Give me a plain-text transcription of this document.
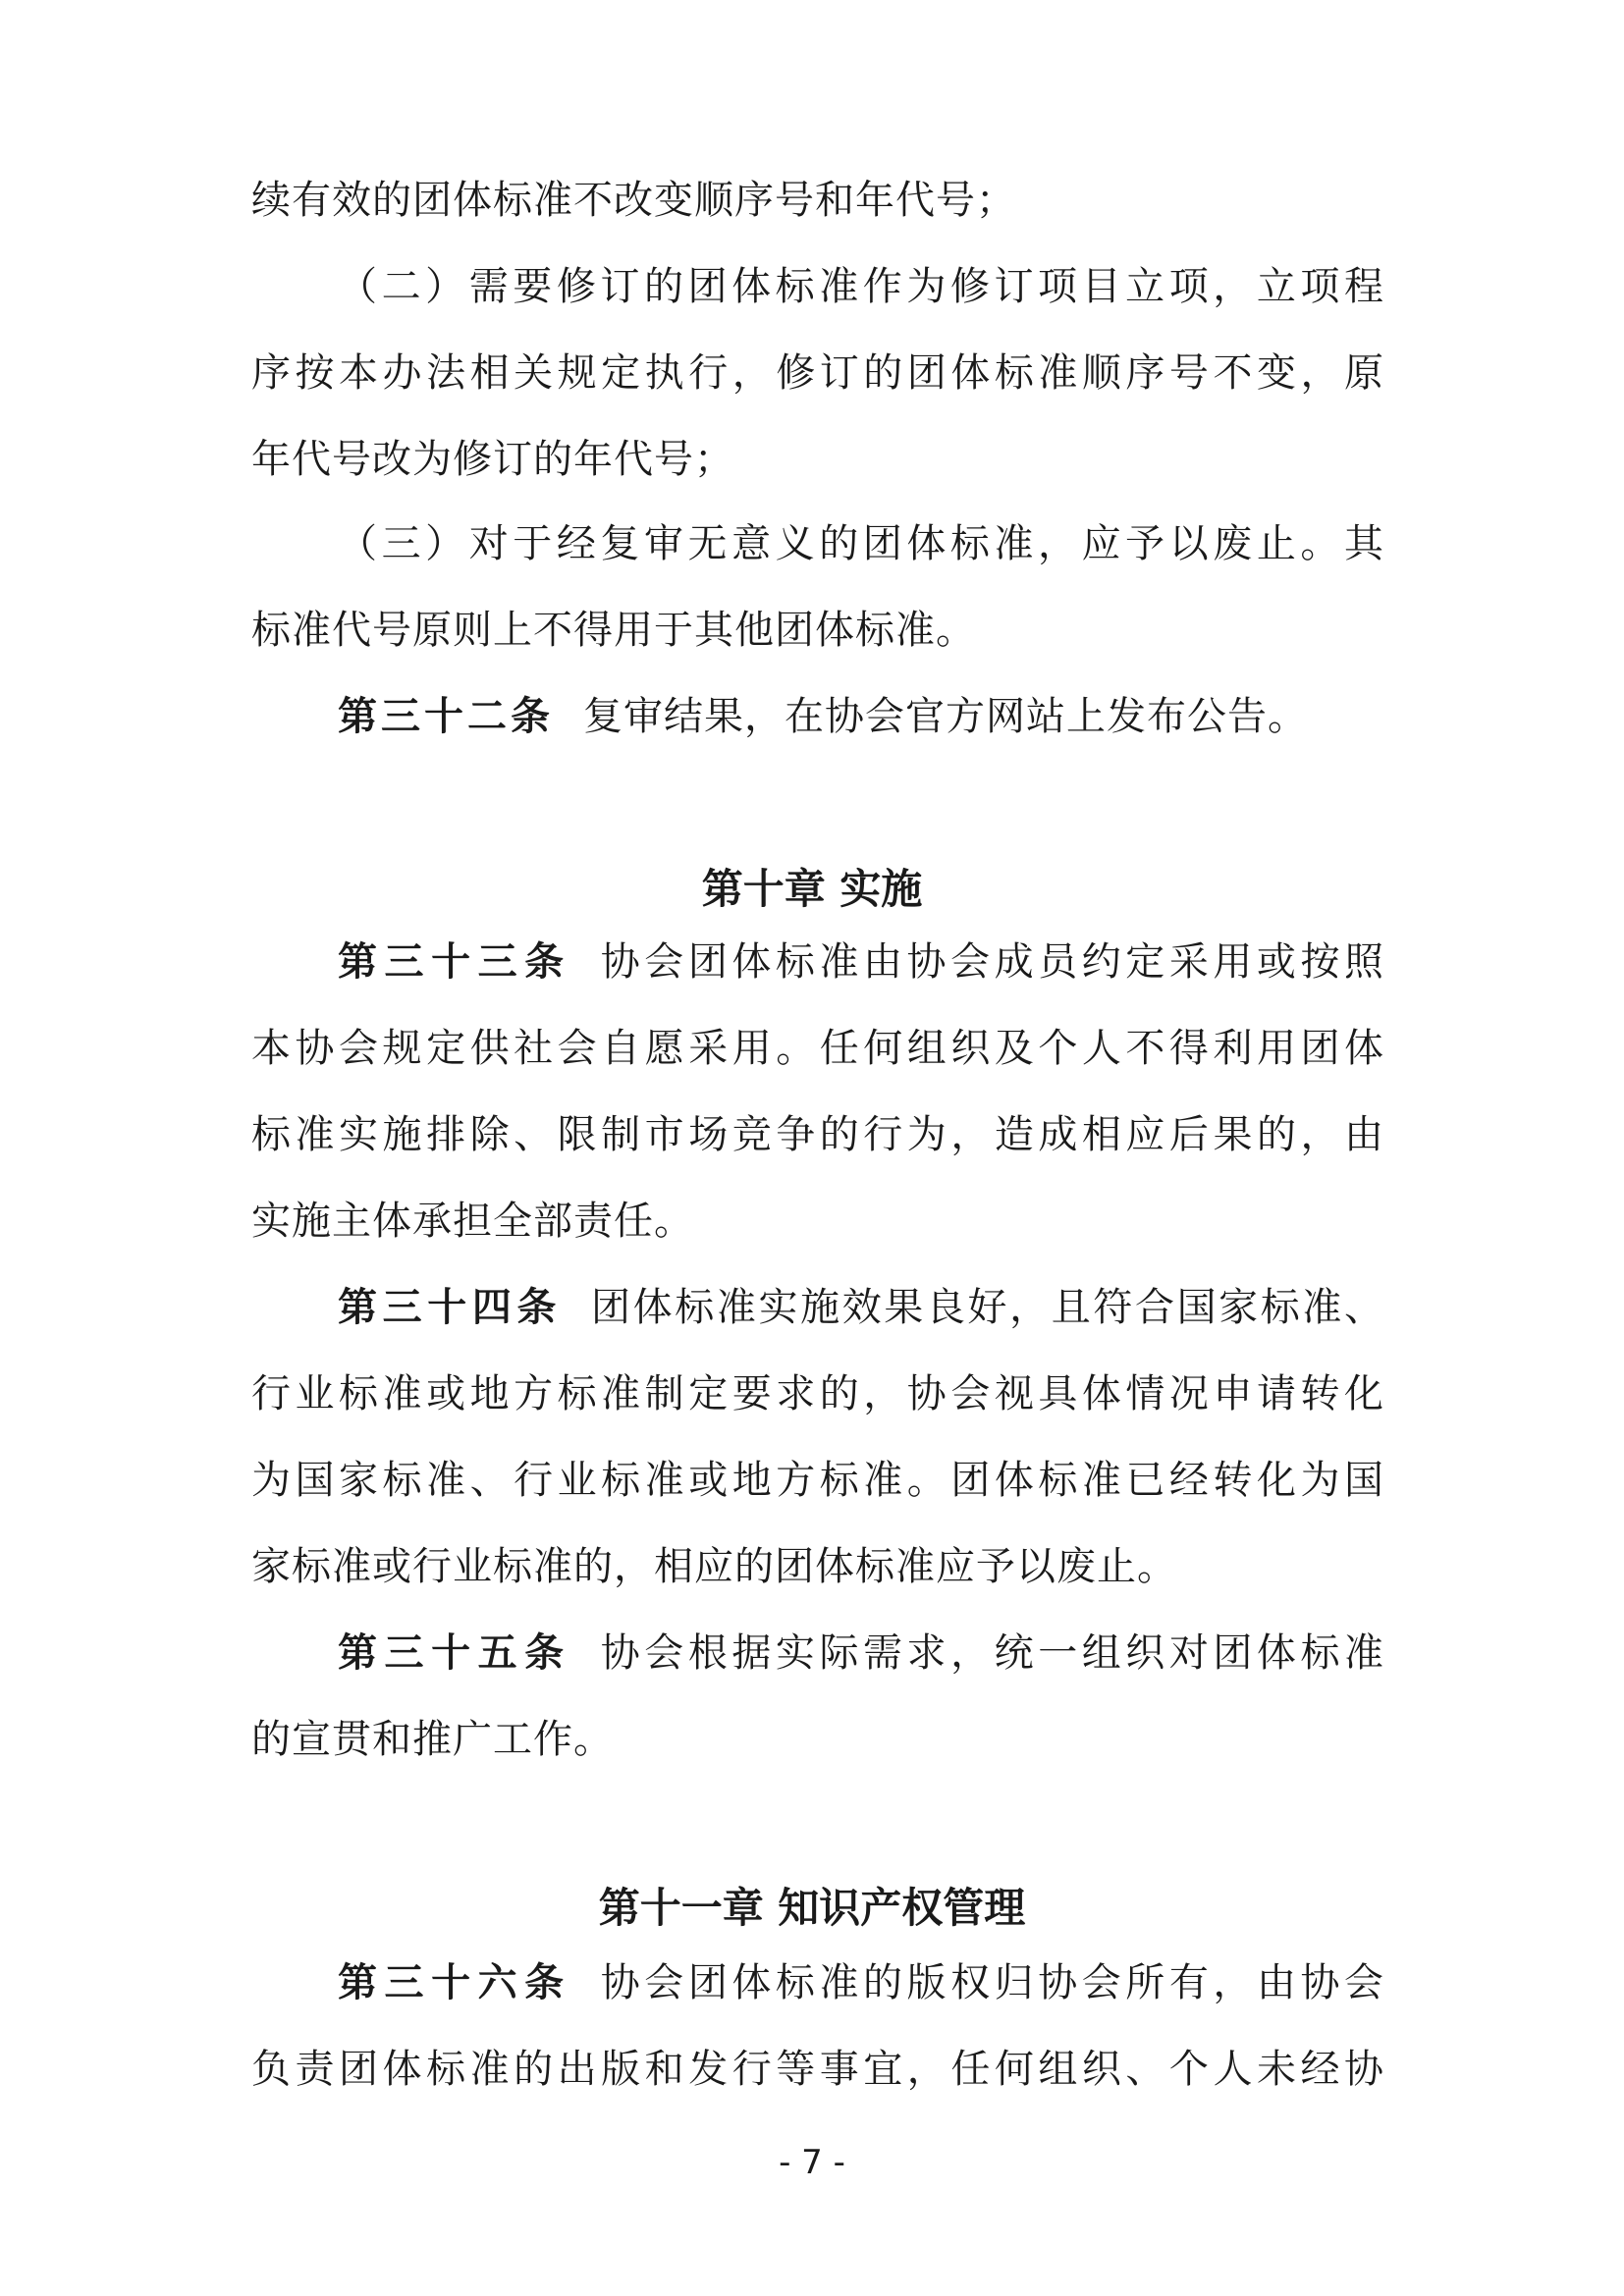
续有效的团体标准不改变顺序号和年代号；
（二）需要修订的团体标准作为修订项目立项，立项程
序按本办法相关规定执行，修订的团体标准顺序号不变，原
年代号改为修订的年代号；
（三）对于经复审无意义的团体标准，应予以废止。其
标准代号原则上不得用于其他团体标准。
第三十二条 复审结果，在协会官方网站上发布公告。
第十章 实施
第三十三条 协会团体标准由协会成员约定采用或按照
本协会规定供社会自愿采用。任何组织及个人不得利用团体
标准实施排除、限制市场竞争的行为，造成相应后果的，由
实施主体承担全部责任。
第三十四条 团体标准实施效果良好，且符合国家标准、
行业标准或地方标准制定要求的，协会视具体情况申请转化
为国家标准、行业标准或地方标准。团体标准已经转化为国
家标准或行业标准的，相应的团体标准应予以废止。
第三十五条 协会根据实际需求，统一组织对团体标准
的宣贯和推广工作。
第十一章 知识产权管理
第三十六条 协会团体标准的版权归协会所有，由协会
负责团体标准的出版和发行等事宜，任何组织、个人未经协
- 7 -
